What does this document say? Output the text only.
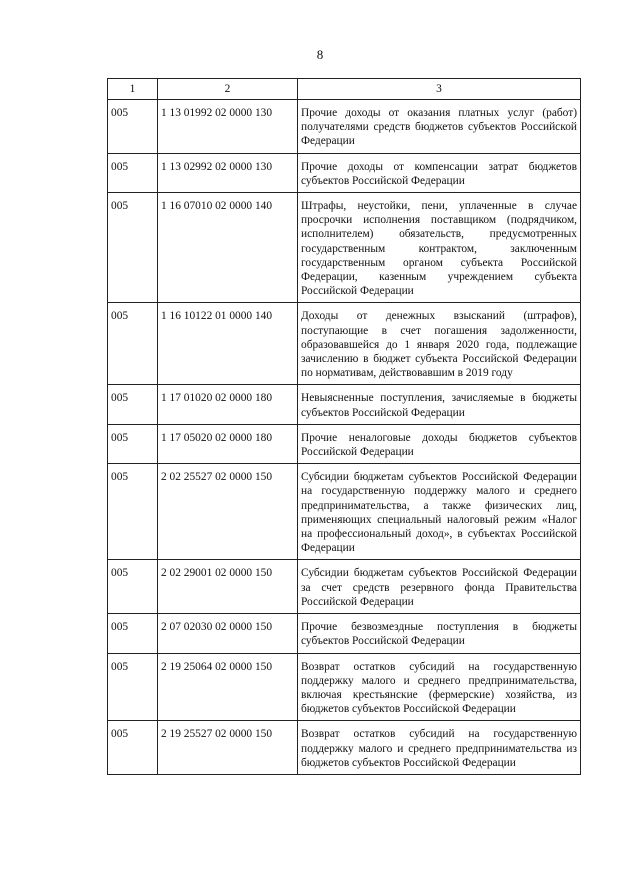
8
1	2	3
005	1 13 01992 02 0000 130	Прочие доходы от оказания платных услуг (работ) получателями средств бюджетов субъектов Российской Федерации
005	1 13 02992 02 0000 130	Прочие доходы от компенсации затрат бюджетов субъектов Российской Федерации
005	1 16 07010 02 0000 140	Штрафы, неустойки, пени, уплаченные в случае просрочки исполнения поставщиком (подрядчиком, исполнителем) обязательств, предусмотренных государственным контрактом, заключенным государственным органом субъекта Российской Федерации, казенным учреждением субъекта Российской Федерации
005	1 16 10122 01 0000 140	Доходы от денежных взысканий (штрафов), поступающие в счет погашения задолженности, образовавшейся до 1 января 2020 года, подлежащие зачислению в бюджет субъекта Российской Федерации по нормативам, действовавшим в 2019 году
005	1 17 01020 02 0000 180	Невыясненные поступления, зачисляемые в бюджеты субъектов Российской Федерации
005	1 17 05020 02 0000 180	Прочие неналоговые доходы бюджетов субъектов Российской Федерации
005	2 02 25527 02 0000 150	Субсидии бюджетам субъектов Российской Федерации на государственную поддержку малого и среднего предпринимательства, а также физических лиц, применяющих специальный налоговый режим «Налог на профессиональный доход», в субъектах Российской Федерации
005	2 02 29001 02 0000 150	Субсидии бюджетам субъектов Российской Федерации за счет средств резервного фонда Правительства Российской Федерации
005	2 07 02030 02 0000 150	Прочие безвозмездные поступления в бюджеты субъектов Российской Федерации
005	2 19 25064 02 0000 150	Возврат остатков субсидий на государственную поддержку малого и среднего предпринимательства, включая крестьянские (фермерские) хозяйства, из бюджетов субъектов Российской Федерации
005	2 19 25527 02 0000 150	Возврат остатков субсидий на государственную поддержку малого и среднего предпринимательства из бюджетов субъектов Российской Федерации
